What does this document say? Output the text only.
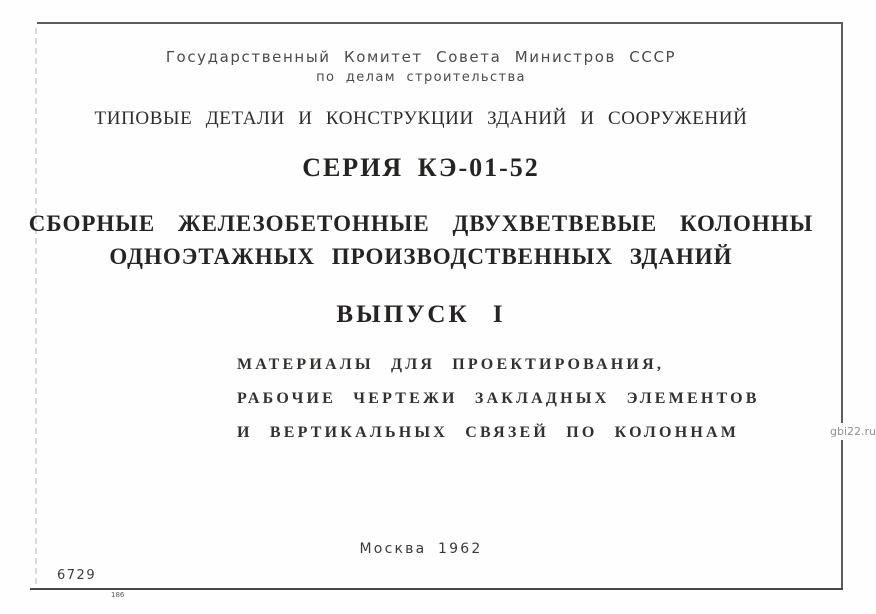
Государственный Комитет Совета Министров СССР
по делам строительства
ТИПОВЫЕ ДЕТАЛИ И КОНСТРУКЦИИ ЗДАНИЙ И СООРУЖЕНИЙ
СЕРИЯ КЭ-01-52
СБОРНЫЕ ЖЕЛЕЗОБЕТОННЫЕ ДВУХВЕТВЕВЫЕ КОЛОННЫ
ОДНОЭТАЖНЫХ ПРОИЗВОДСТВЕННЫХ ЗДАНИЙ
ВЫПУСК I
МАТЕРИАЛЫ ДЛЯ ПРОЕКТИРОВАНИЯ,
РАБОЧИЕ ЧЕРТЕЖИ ЗАКЛАДНЫХ ЭЛЕМЕНТОВ
И ВЕРТИКАЛЬНЫХ СВЯЗЕЙ ПО КОЛОННАМ
Москва 1962
6729
186
gbi22.ru
